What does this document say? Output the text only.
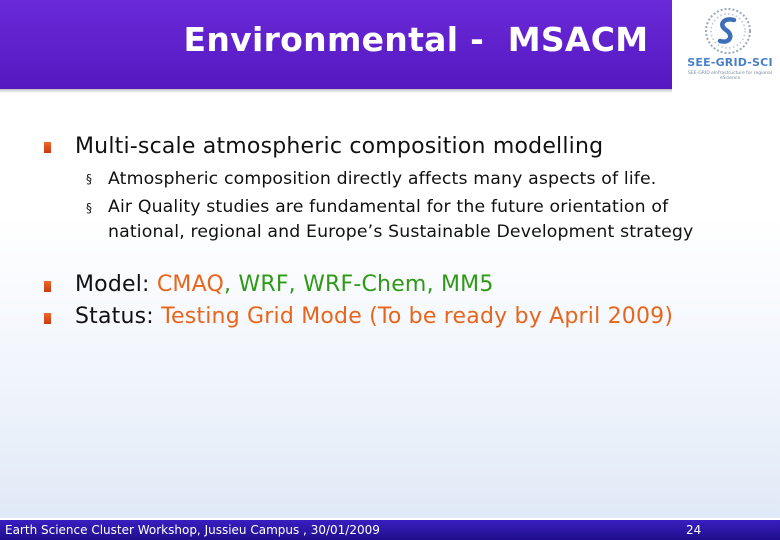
Environmental -  MSACM
SEE-GRID-SCI
SEE-GRID eInfrastructure for regional eScience
Multi-scale atmospheric composition modelling
§ Atmospheric composition directly affects many aspects of life.
§ Air Quality studies are fundamental for the future orientation of national, regional and Europe’s Sustainable Development strategy
Model: CMAQ, WRF, WRF-Chem, MM5
Status: Testing Grid Mode (To be ready by April 2009)
Earth Science Cluster Workshop, Jussieu Campus , 30/01/2009	24
